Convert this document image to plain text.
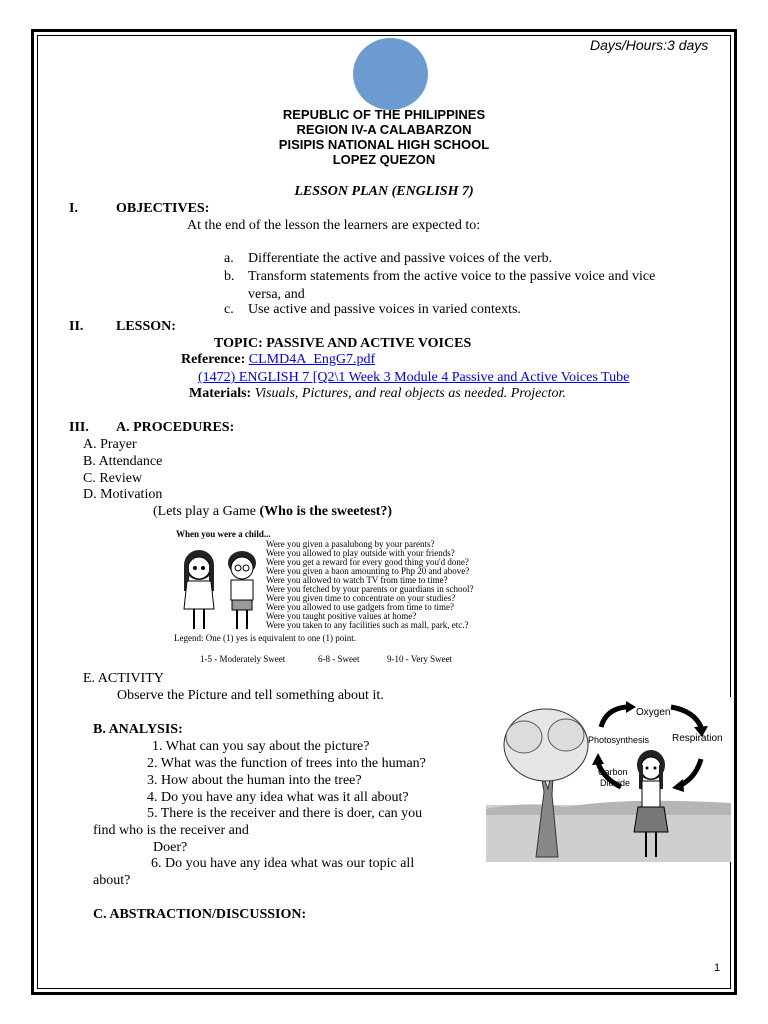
Days/Hours:3 days
REPUBLIC OF THE PHILIPPINES
REGION IV-A CALABARZON
PISIPIS NATIONAL HIGH SCHOOL
LOPEZ QUEZON
LESSON PLAN (ENGLISH 7)
I.	OBJECTIVES:
At the end of the lesson the learners are expected to:
a. Differentiate the active and passive voices of the verb.
b. Transform statements from the active voice to the passive voice and vice
versa, and
c. Use active and passive voices in varied contexts.
II. LESSON:
TOPIC: PASSIVE AND ACTIVE VOICES
Reference: CLMD4A_EngG7.pdf
(1472) ENGLISH 7 [Q2\1 Week 3 Module 4 Passive and Active Voices Tube
Materials: Visuals, Pictures, and real objects as needed. Projector.
III. A. PROCEDURES:
A. Prayer
B. Attendance
C. Review
D. Motivation
(Lets play a Game (Who is the sweetest?)
When you were a child...
Were you given a pasalubong by your parents?
Were you allowed to play outside with your friends?
Were you get a reward for every good thing you'd done?
Were you given a baon amounting to Php 20 and above?
Were you allowed to watch TV from time to time?
Were you fetched by your parents or guardians in school?
Were you given time to concentrate on your studies?
Were you allowed to use gadgets from time to time?
Were you taught positive values at home?
Were you taken to any facilities such as mall, park, etc.?
Legend: One (1) yes is equivalent to one (1) point.
1-5 - Moderately Sweet	6-8 - Sweet	9-10 - Very Sweet
E. ACTIVITY
Observe the Picture and tell something about it.
Oxygen
Photosynthesis Respiration
Carbon
Dioxide
B. ANALYSIS:
1. What can you say about the picture?
2. What was the function of trees into the human?
3. How about the human into the tree?
4. Do you have any idea what was it all about?
5. There is the receiver and there is doer, can you
find who is the receiver and
Doer?
6. Do you have any idea what was our topic all
about?
C. ABSTRACTION/DISCUSSION:
1
